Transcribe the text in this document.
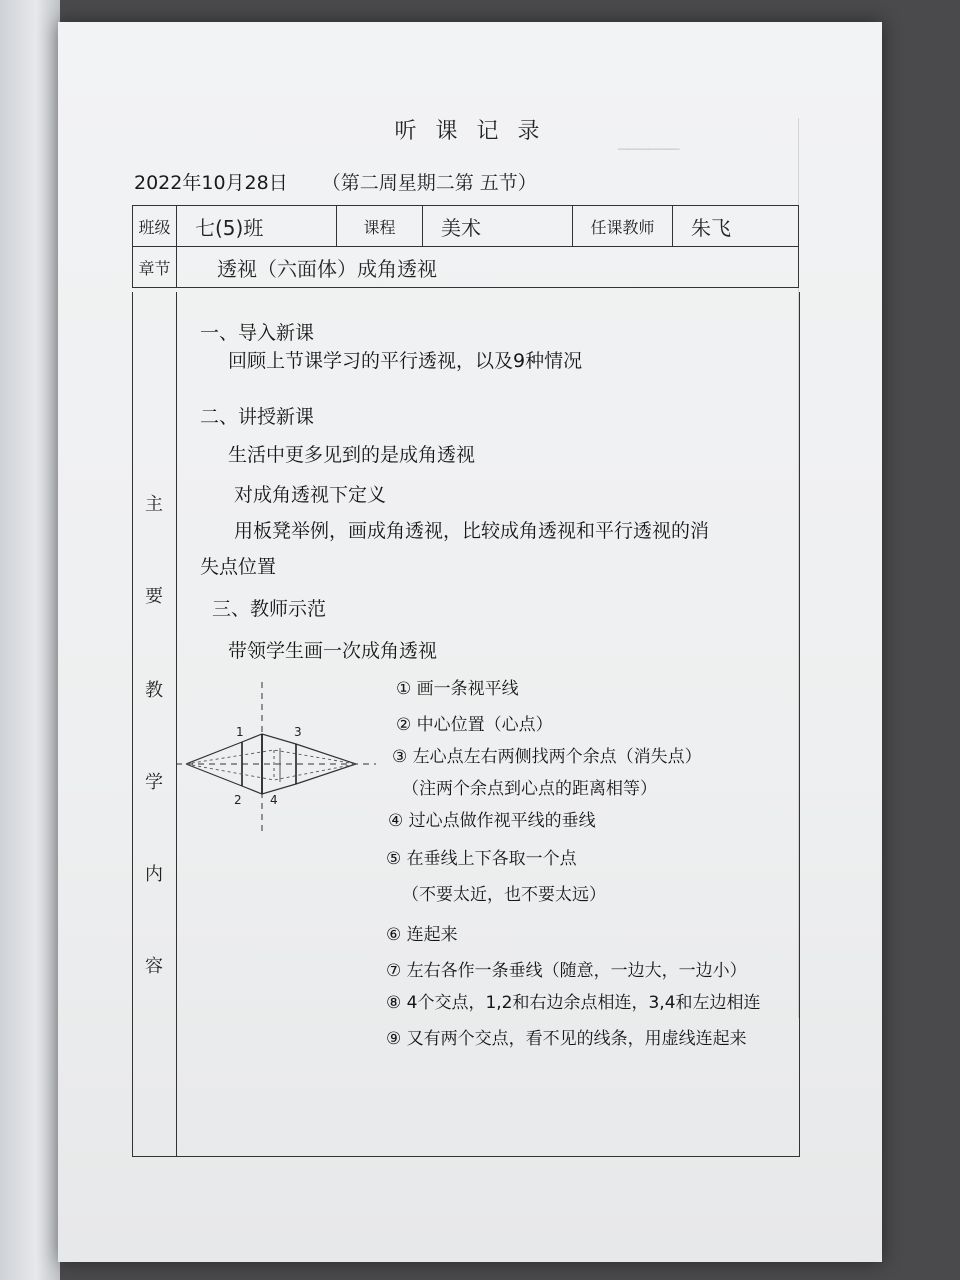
──────
听 课 记 录
2022年10月28日 （第二周星期二第 五节）
班级	七(5)班	课程	美术	任课教师	朱飞
章节	透视（六面体）成角透视				
主
要
教
学
内
容
一、导入新课
回顾上节课学习的平行透视，以及9种情况
二、讲授新课
生活中更多见到的是成角透视
对成角透视下定义
用板凳举例，画成角透视，比较成角透视和平行透视的消
失点位置
三、教师示范
带领学生画一次成角透视
① 画一条视平线
② 中心位置（心点）
③ 左心点左右两侧找两个余点（消失点）
（注两个余点到心点的距离相等）
④ 过心点做作视平线的垂线
⑤ 在垂线上下各取一个点
（不要太近，也不要太远）
⑥ 连起来
⑦ 左右各作一条垂线（随意，一边大，一边小）
⑧ 4个交点，1,2和右边余点相连，3,4和左边相连
⑨ 又有两个交点，看不见的线条，用虚线连起来
1	3
2 4
